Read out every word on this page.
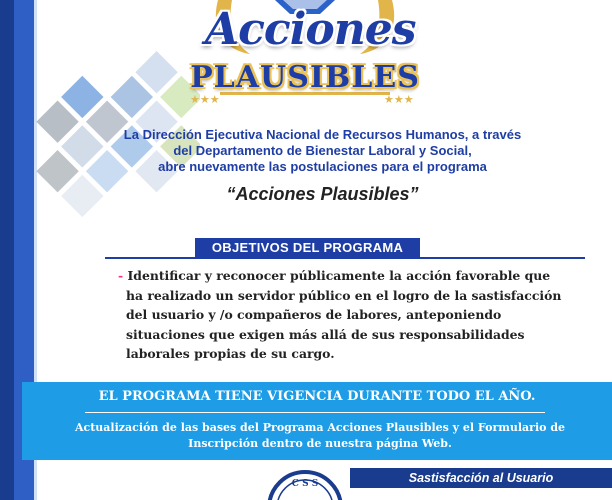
★★★	★★★
Acciones
PLAUSIBLES
La Dirección Ejecutiva Nacional de Recursos Humanos, a través
del Departamento de Bienestar Laboral y Social,
abre nuevamente las postulaciones para el programa
“Acciones Plausibles”
OBJETIVOS DEL PROGRAMA
- Identificar y reconocer públicamente la acción favorable que
ha realizado un servidor público en el logro de la sastisfacción
del usuario y /o compañeros de labores, anteponiendo
situaciones que exigen más allá de sus responsabilidades
laborales propias de su cargo.
EL PROGRAMA TIENE VIGENCIA DURANTE TODO EL AÑO.
Actualización de las bases del Programa Acciones Plausibles y el Formulario de
Inscripción dentro de nuestra página Web.
C S S	Sastisfacción al Usuario
